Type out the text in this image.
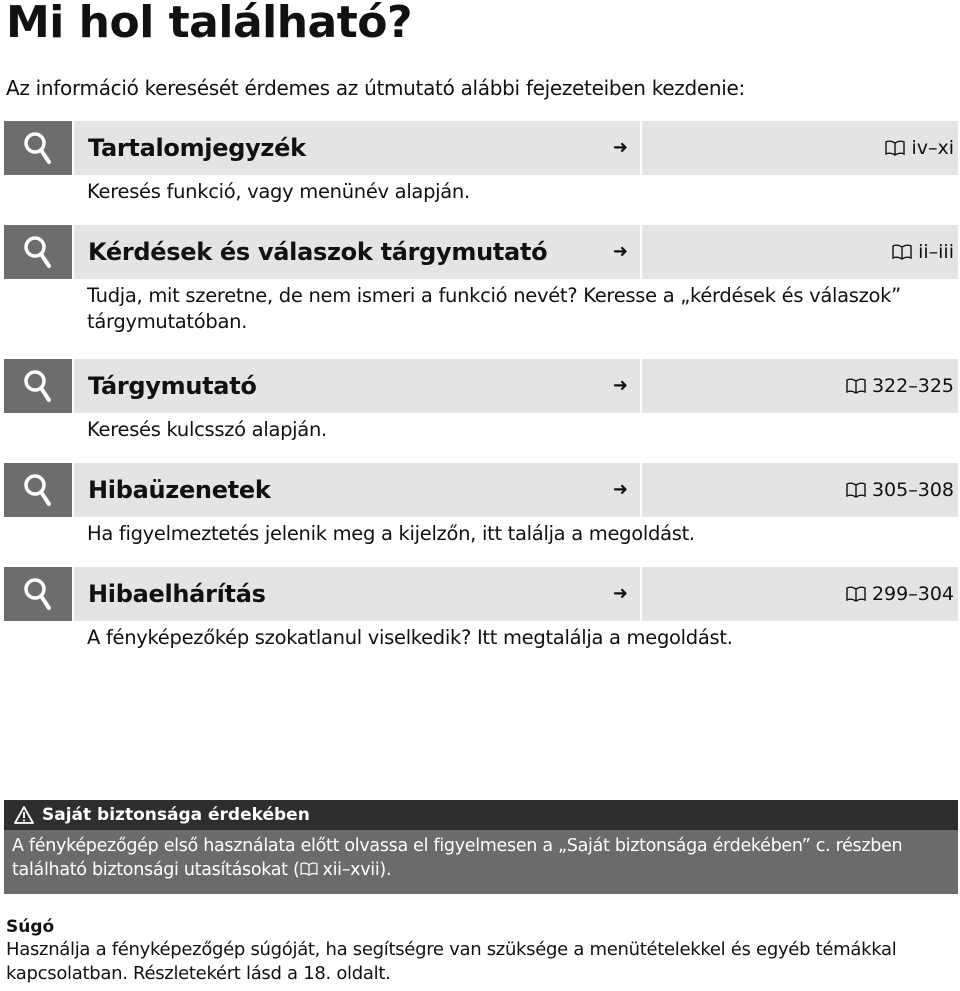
Mi hol található?
Az információ keresését érdemes az útmutató alábbi fejezeteiben kezdenie:
Tartalomjegyzék	➜	iv–xi
Keresés funkció, vagy menünév alapján.
Kérdések és válaszok tárgymutató	➜	ii–iii
Tudja, mit szeretne, de nem ismeri a funkció nevét? Keresse a „kérdések és válaszok” tárgymutatóban.
Tárgymutató	➜	322–325
Keresés kulcsszó alapján.
Hibaüzenetek	➜	305–308
Ha figyelmeztetés jelenik meg a kijelzőn, itt találja a megoldást.
Hibaelhárítás	➜	299–304
A fényképezőkép szokatlanul viselkedik? Itt megtalálja a megoldást.
Saját biztonsága érdekében
A fényképezőgép első használata előtt olvassa el figyelmesen a „Saját biztonsága érdekében” c. részben található biztonsági utasításokat ( xii–xvii).
Súgó
Használja a fényképezőgép súgóját, ha segítségre van szüksége a menütételekkel és egyéb témákkal kapcsolatban. Részletekért lásd a 18. oldalt.
